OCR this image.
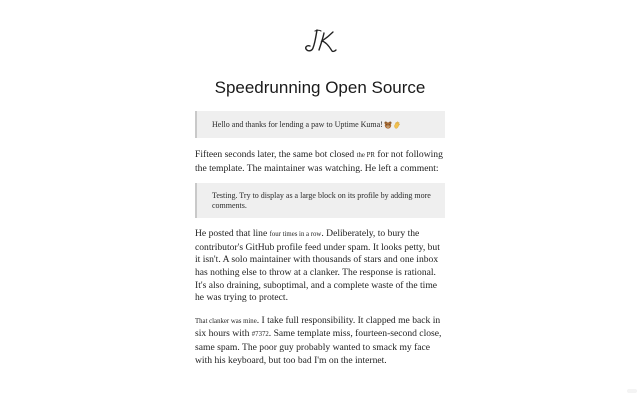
Speedrunning Open Source
Hello and thanks for lending a paw to Uptime Kuma!

Fifteen seconds later, the same bot closed the PR for not following the template. The maintainer was watching. He left a comment:

Testing. Try to display as a large block on its profile by adding more comments.

He posted that line four times in a row. Deliberately, to bury the contributor's GitHub profile feed under spam. It looks petty, but it isn't. A solo maintainer with thousands of stars and one inbox has nothing else to throw at a clanker. The response is rational. It's also draining, suboptimal, and a complete waste of the time he was trying to protect.

That clanker was mine. I take full responsibility. It clapped me back in six hours with #7372. Same template miss, fourteen-second close, same spam. The poor guy probably wanted to smack my face with his keyboard, but too bad I'm on the internet.
